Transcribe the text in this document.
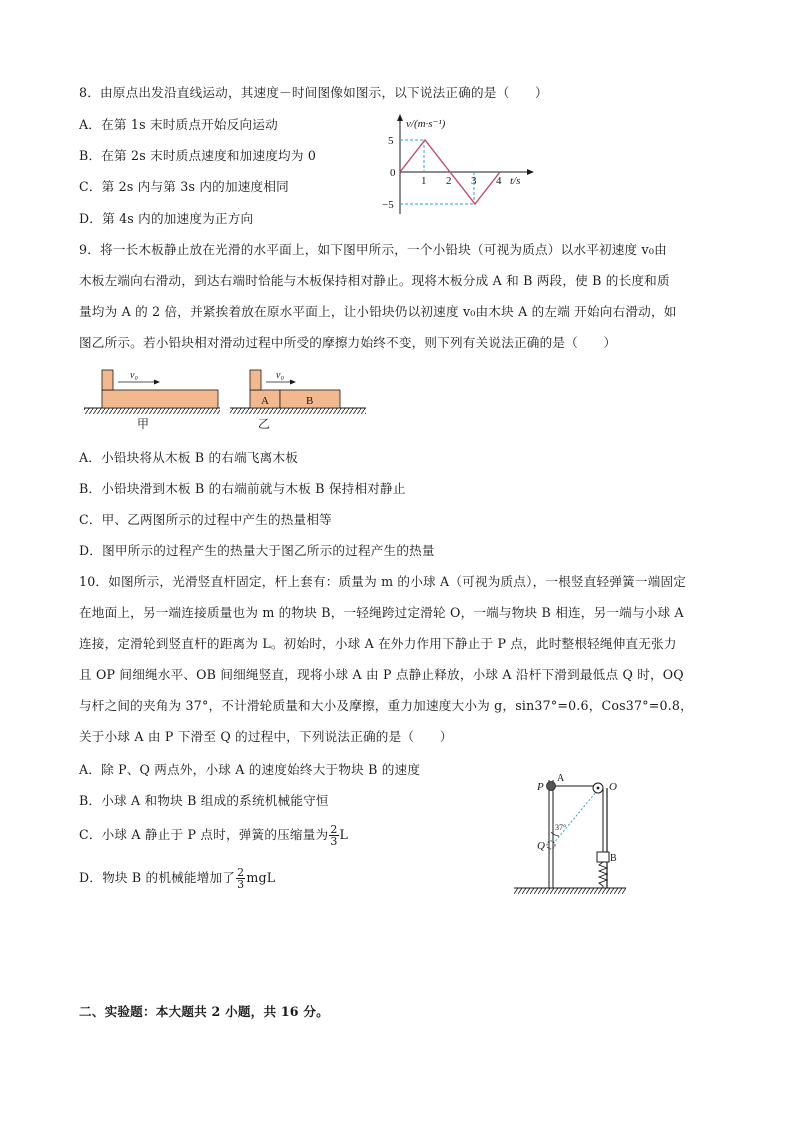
8．由原点出发沿直线运动，其速度－时间图像如图示，以下说法正确的是（　　）
A．在第 1s 末时质点开始反向运动
B．在第 2s 末时质点速度和加速度均为 0
C．第 2s 内与第 3s 内的加速度相同
D．第 4s 内的加速度为正方向
v/(m·s⁻¹)
5
0
−5
1 2 3 4 t/s
9．将一长木板静止放在光滑的水平面上，如下图甲所示，一个小铅块（可视为质点）以水平初速度 v₀由
木板左端向右滑动，到达右端时恰能与木板保持相对静止。现将木板分成 A 和 B 两段，使 B 的长度和质
量均为 A 的 2 倍，并紧挨着放在原水平面上，让小铅块仍以初速度 v₀由木块 A 的左端 开始向右滑动，如
图乙所示。若小铅块相对滑动过程中所受的摩擦力始终不变，则下列有关说法正确的是（　　）
v₀
甲
v₀
A	B
乙
A．小铅块将从木板 B 的右端飞离木板
B．小铅块滑到木板 B 的右端前就与木板 B 保持相对静止
C．甲、乙两图所示的过程中产生的热量相等
D．图甲所示的过程产生的热量大于图乙所示的过程产生的热量
10．如图所示，光滑竖直杆固定，杆上套有：质量为 m 的小球 A（可视为质点），一根竖直轻弹簧一端固定
在地面上，另一端连接质量也为 m 的物块 B，一轻绳跨过定滑轮 O，一端与物块 B 相连，另一端与小球 A
连接，定滑轮到竖直杆的距离为 L。初始时，小球 A 在外力作用下静止于 P 点，此时整根轻绳伸直无张力
且 OP 间细绳水平、OB 间细绳竖直，现将小球 A 由 P 点静止释放，小球 A 沿杆下滑到最低点 Q 时，OQ
与杆之间的夹角为 37°，不计滑轮质量和大小及摩擦，重力加速度大小为 g，sin37°=0.6，Cos37°=0.8，
关于小球 A 由 P 下滑至 Q 的过程中，下列说法正确的是（　　）
A．除 P、Q 两点外，小球 A 的速度始终大于物块 B 的速度
B．小球 A 和物块 B 组成的系统机械能守恒
C．小球 A 静止于 P 点时，弹簧的压缩量为 $\frac{2}{3}$ L
D．物块 B 的机械能增加了 $\frac{2}{3}$ mgL
P
A
O
37°
Q
B
二、实验题：本大题共 2 小题，共 16 分。
